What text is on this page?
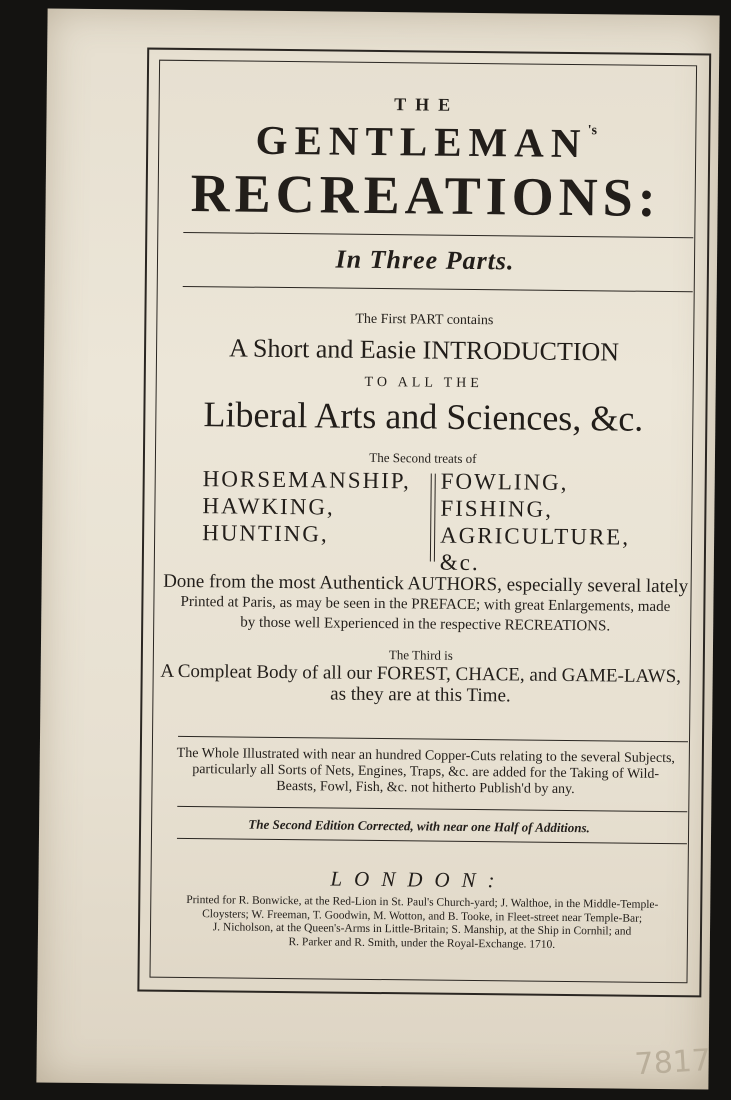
THE
$GENTLEMAN^{'s}$
RECREATIONS:
In Three Parts.
The First PART contains
A Short and Easie INTRODUCTION
TO ALL THE
Liberal Arts and Sciences, &c.
The Second treats of
HORSEMANSHIP,
HAWKING,
HUNTING,
FOWLING,
FISHING,
AGRICULTURE, &c.
Done from the most Authentick AUTHORS, especially several lately
Printed at Paris, as may be seen in the PREFACE; with great Enlargements, made
by those well Experienced in the respective RECREATIONS.
The Third is
A Compleat Body of all our FOREST, CHACE, and GAME-LAWS,
as they are at this Time.
The Whole Illustrated with near an hundred Copper-Cuts relating to the several Subjects,
particularly all Sorts of Nets, Engines, Traps, &c. are added for the Taking of Wild-
Beasts, Fowl, Fish, &c. not hitherto Publish'd by any.
The Second Edition Corrected, with near one Half of Additions.
LONDON:
Printed for R. Bonwicke, at the Red-Lion in St. Paul's Church-yard; J. Walthoe, in the Middle-Temple-
Cloysters; W. Freeman, T. Goodwin, M. Wotton, and B. Tooke, in Fleet-street near Temple-Bar;
J. Nicholson, at the Queen's-Arms in Little-Britain; S. Manship, at the Ship in Cornhil; and
R. Parker and R. Smith, under the Royal-Exchange. 1710.
7817
